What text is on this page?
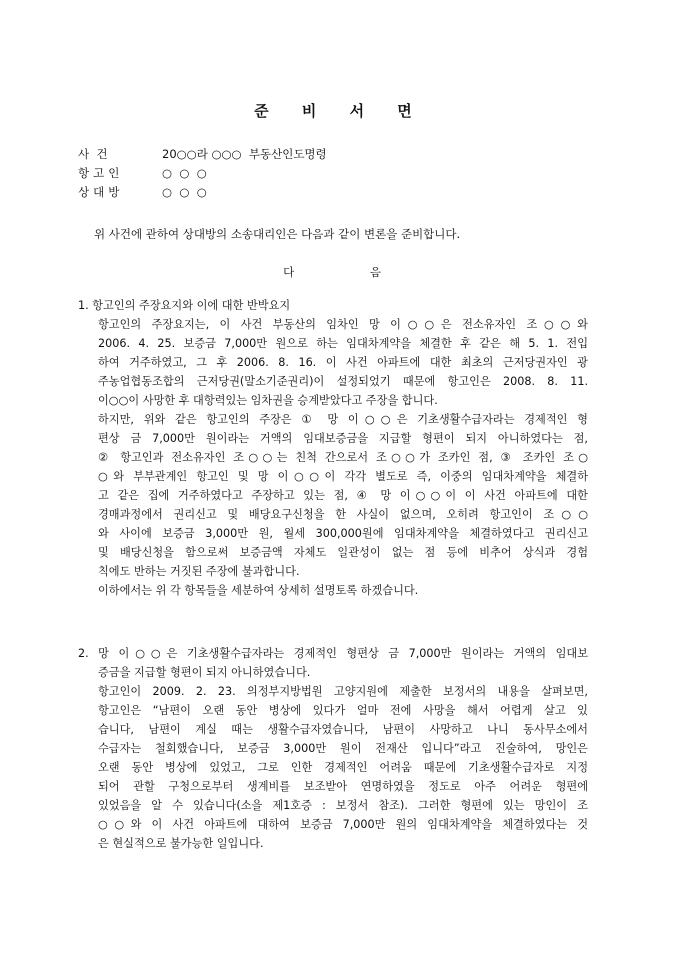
준 비 서 면
사  건	20○○라 ○○○  부동산인도명령
항고인	○  ○  ○
상대방	○  ○  ○
위 사건에 관하여 상대방의 소송대리인은 다음과 같이 변론을 준비합니다.
다 음
1. 항고인의 주장요지와 이에 대한 반박요지
항고인의 주장요지는, 이 사건 부동산의 임차인 망 이○○은 전소유자인 조○○와
2006. 4. 25. 보증금 7,000만 원으로 하는 임대차계약을 체결한 후 같은 해 5. 1. 전입
하여 거주하였고, 그 후 2006. 8. 16. 이 사건 아파트에 대한 최초의 근저당권자인 광
주농업협동조합의 근저당권(말소기준권리)이 설정되었기 때문에 항고인은 2008. 8. 11.
이○○이 사망한 후 대항력있는 임차권을 승계받았다고 주장을 합니다.
하지만, 위와 같은 항고인의 주장은 ① 망 이○○은 기초생활수급자라는 경제적인 형
편상 금 7,000만 원이라는 거액의 임대보증금을 지급할 형편이 되지 아니하였다는 점,
② 항고인과 전소유자인 조○○는 친척 간으로서 조○○가 조카인 점, ③ 조카인 조○
○와 부부관계인 항고인 및 망 이○○이 각각 별도로 즉, 이중의 임대차계약을 체결하
고 같은 집에 거주하였다고 주장하고 있는 점, ④ 망 이○○이 이 사건 아파트에 대한
경매과정에서 권리신고 및 배당요구신청을 한 사실이 없으며, 오히려 항고인이 조○○
와 사이에 보증금 3,000만 원, 월세 300,000원에 임대차계약을 체결하였다고 권리신고
및 배당신청을 함으로써 보증금액 자체도 일관성이 없는 점 등에 비추어 상식과 경험
칙에도 반하는 거짓된 주장에 불과합니다.
이하에서는 위 각 항목들을 세분하여 상세히 설명토록 하겠습니다.
2. 망 이○○은 기초생활수급자라는 경제적인 형편상 금 7,000만 원이라는 거액의 임대보
증금을 지급할 형편이 되지 아니하였습니다.
항고인이 2009. 2. 23. 의정부지방법원 고양지원에 제출한 보정서의 내용을 살펴보면,
항고인은 “남편이 오랜 동안 병상에 있다가 얼마 전에 사망을 해서 어렵게 살고 있
습니다, 남편이 계실 때는 생활수급자였습니다, 남편이 사망하고 나니 동사무소에서
수급자는 철회했습니다, 보증금 3,000만 원이 전재산 입니다”라고 진술하여, 망인은
오랜 동안 병상에 있었고, 그로 인한 경제적인 어려움 때문에 기초생활수급자로 지정
되어 관할 구청으로부터 생계비를 보조받아 연명하였을 정도로 아주 어려운 형편에
있었음을 알 수 있습니다(소을 제1호증 : 보정서 참조). 그러한 형편에 있는 망인이 조
○○와 이 사건 아파트에 대하여 보증금 7,000만 원의 임대차계약을 체결하였다는 것
은 현실적으로 불가능한 일입니다.
